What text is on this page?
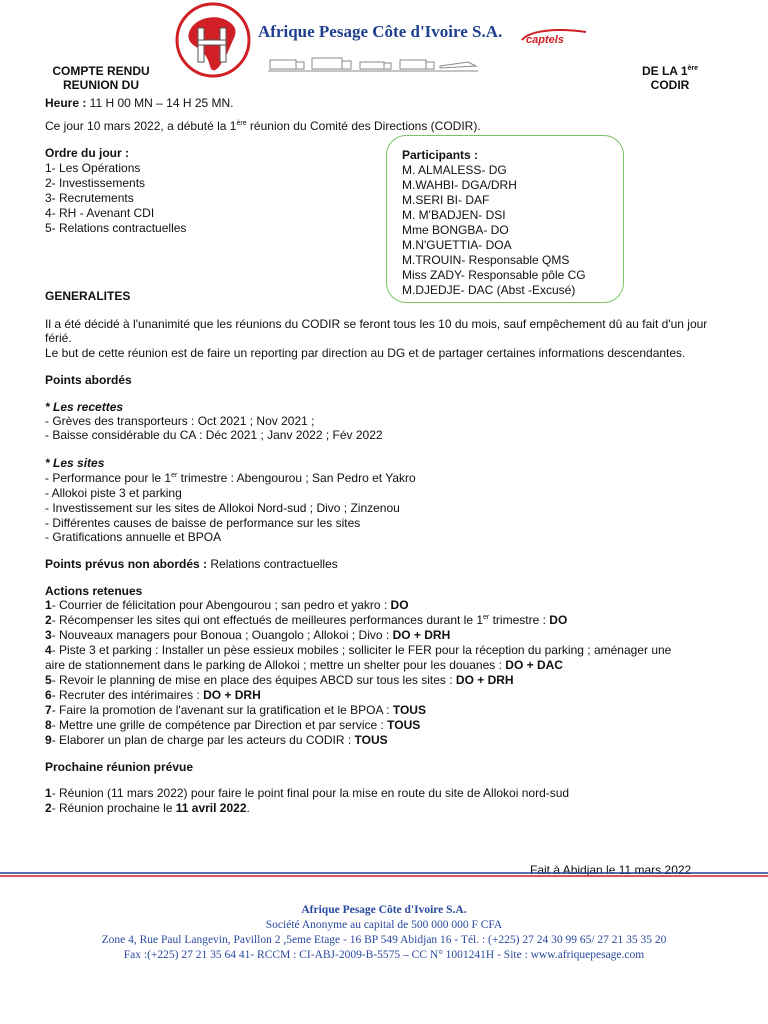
Afrique Pesage Côte d'Ivoire S.A. captels
COMPTE RENDU
REUNION DU
DE LA 1ère
CODIR
Heure : 11 H 00 MN – 14 H 25 MN.
Ce jour 10 mars 2022, a débuté la 1ère réunion du Comité des Directions (CODIR).
Ordre du jour :
1- Les Opérations
2- Investissements
3- Recrutements
4- RH - Avenant CDI
5- Relations contractuelles
Participants :
M. ALMALESS- DG
M.WAHBI- DGA/DRH
M.SERI BI- DAF
M. M'BADJEN- DSI
Mme BONGBA- DO
M.N'GUETTIA- DOA
M.TROUIN- Responsable QMS
Miss ZADY- Responsable pôle CG
M.DJEDJE- DAC (Abst -Excusé)
GENERALITES
Il a été décidé à l'unanimité que les réunions du CODIR se feront tous les 10 du mois, sauf empêchement dû au fait d'un jour férié.
Le but de cette réunion est de faire un reporting par direction au DG et de partager certaines informations descendantes.
Points abordés
* Les recettes
- Grèves des transporteurs : Oct 2021 ; Nov 2021 ;
- Baisse considérable du CA : Déc 2021 ; Janv 2022 ; Fév 2022
* Les sites
- Performance pour le 1er trimestre : Abengourou ; San Pedro et Yakro
- Allokoi piste 3 et parking
- Investissement sur les sites de Allokoi Nord-sud ; Divo ; Zinzenou
- Différentes causes de baisse de performance sur les sites
- Gratifications annuelle et BPOA
Points prévus non abordés : Relations contractuelles
Actions retenues
1- Courrier de félicitation pour Abengourou ; san pedro et yakro : DO
2- Récompenser les sites qui ont effectués de meilleures performances durant le 1er trimestre : DO
3- Nouveaux managers pour Bonoua ; Ouangolo ; Allokoi ; Divo : DO + DRH
4- Piste 3 et parking : Installer un pèse essieux mobiles ; solliciter le FER pour la réception du parking ; aménager une
aire de stationnement dans le parking de Allokoi ; mettre un shelter pour les douanes : DO + DAC
5- Revoir le planning de mise en place des équipes ABCD sur tous les sites : DO + DRH
6- Recruter des intérimaires : DO + DRH
7- Faire la promotion de l'avenant sur la gratification et le BPOA : TOUS
8- Mettre une grille de compétence par Direction et par service : TOUS
9- Elaborer un plan de charge par les acteurs du CODIR : TOUS
Prochaine réunion prévue
1- Réunion (11 mars 2022) pour faire le point final pour la mise en route du site de Allokoi nord-sud
2- Réunion prochaine le 11 avril 2022.
Fait à Abidjan le 11 mars 2022
Afrique Pesage Côte d'Ivoire S.A.
Société Anonyme au capital de 500 000 000 F CFA
Zone 4, Rue Paul Langevin, Pavillon 2 ,5eme Etage - 16 BP 549 Abidjan 16 - Tél. : (+225) 27 24 30 99 65/ 27 21 35 35 20
Fax :(+225) 27 21 35 64 41- RCCM : CI-ABJ-2009-B-5575 – CC N° 1001241H - Site : www.afriquepesage.com
